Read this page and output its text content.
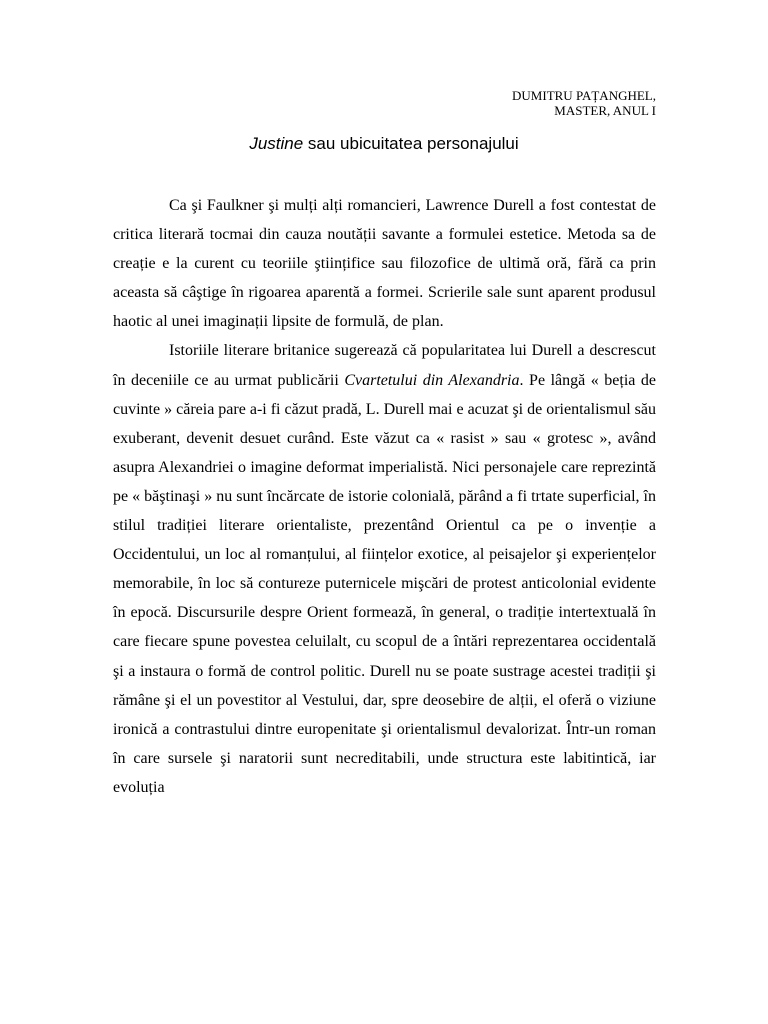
DUMITRU PAȚANGHEL,
MASTER, ANUL I
Justine sau ubicuitatea personajului

Ca şi Faulkner şi mulți alți romancieri, Lawrence Durell a fost contestat de critica literară tocmai din cauza noutății savante a formulei estetice. Metoda sa de creație e la curent cu teoriile ştiințifice sau filozofice de ultimă oră, fără ca prin aceasta să câştige în rigoarea aparentă a formei. Scrierile sale sunt aparent produsul haotic al unei imaginații lipsite de formulă, de plan.

Istoriile literare britanice sugerează că popularitatea lui Durell a descrescut în deceniile ce au urmat publicării Cvartetului din Alexandria. Pe lângă « beția de cuvinte » căreia pare a-i fi căzut pradă, L. Durell mai e acuzat şi de orientalismul său exuberant, devenit desuet curând. Este văzut ca « rasist » sau « grotesc », având asupra Alexandriei o imagine deformat imperialistă. Nici personajele care reprezintă pe « băştinaşi » nu sunt încărcate de istorie colonială, părând a fi trtate superficial, în stilul tradiției literare orientaliste, prezentând Orientul ca pe o invenție a Occidentului, un loc al romanțului, al ființelor exotice, al peisajelor şi experiențelor memorabile, în loc să contureze puternicele mişcări de protest anticolonial evidente în epocă. Discursurile despre Orient formează, în general, o tradiție intertextuală în care fiecare spune povestea celuilalt, cu scopul de a întări reprezentarea occidentală şi a instaura o formă de control politic. Durell nu se poate sustrage acestei tradiții şi rămâne şi el un povestitor al Vestului, dar, spre deosebire de alții, el oferă o viziune ironică a contrastului dintre europenitate şi orientalismul devalorizat. Într-un roman în care sursele şi naratorii sunt necreditabili, unde structura este labitintică, iar evoluția
